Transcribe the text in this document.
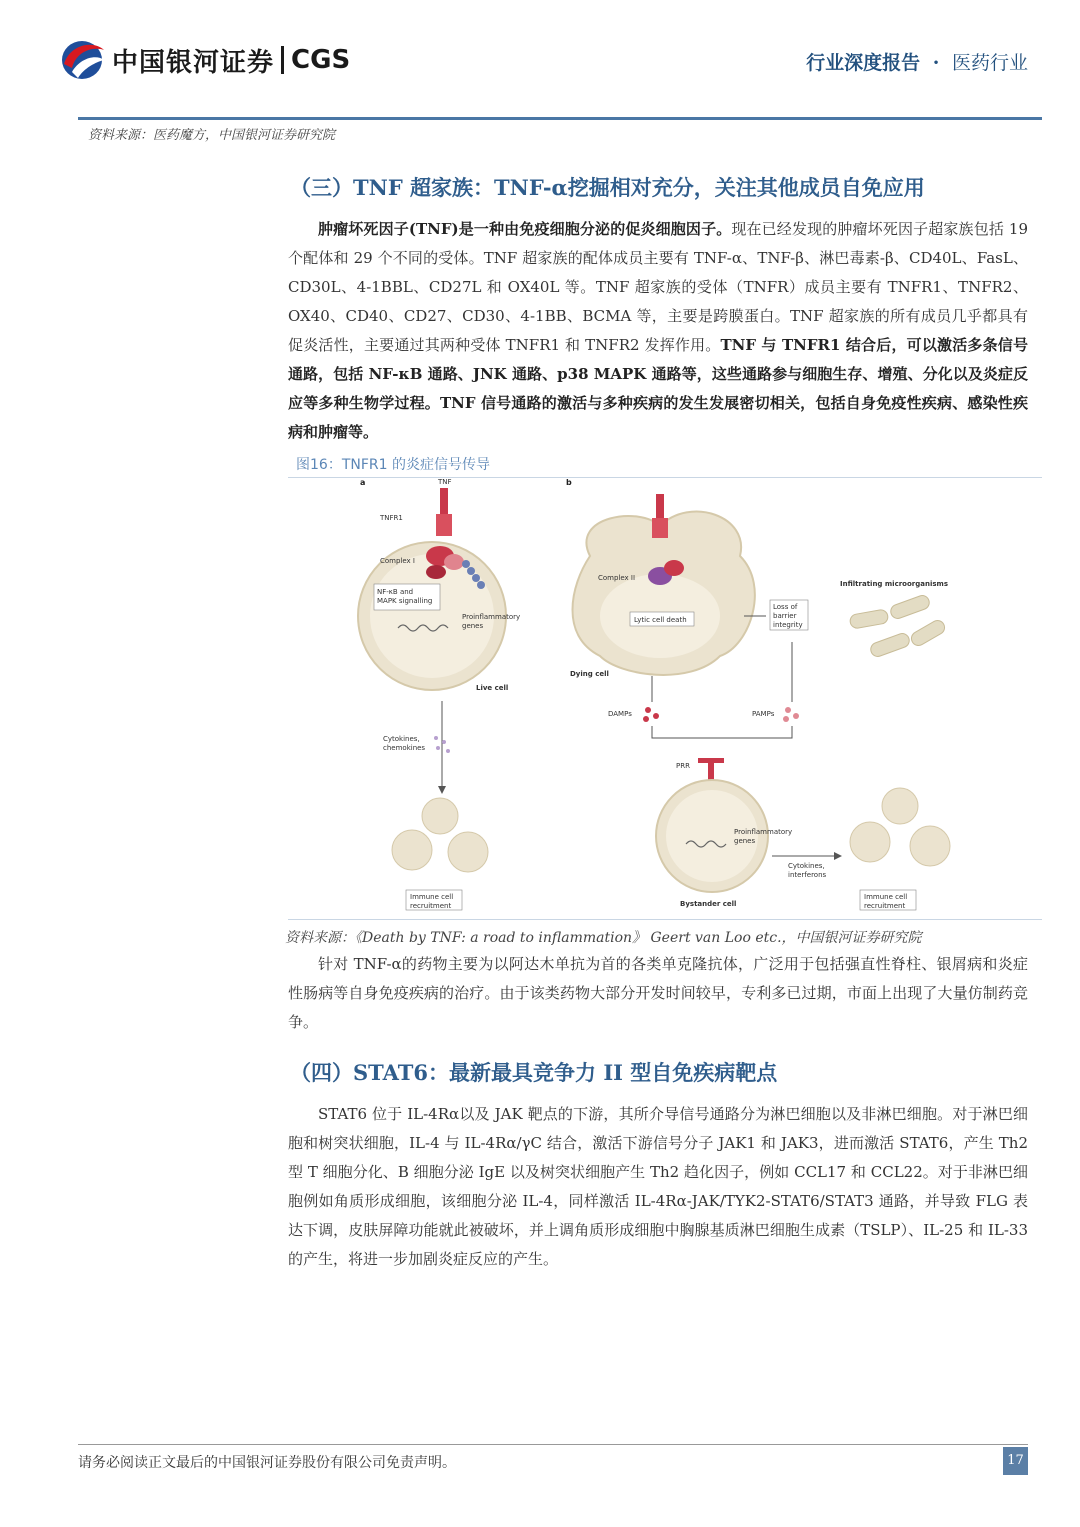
中国银河证券 CGS	行业深度报告 · 医药行业
资料来源：医药魔方，中国银河证券研究院
（三）TNF 超家族：TNF-α挖掘相对充分，关注其他成员自免应用

肿瘤坏死因子(TNF)是一种由免疫细胞分泌的促炎细胞因子。现在已经发现的肿瘤坏死因子超家族包括 19 个配体和 29 个不同的受体。TNF 超家族的配体成员主要有 TNF-α、TNF-β、淋巴毒素-β、CD40L、FasL、CD30L、4-1BBL、CD27L 和 OX40L 等。TNF 超家族的受体（TNFR）成员主要有 TNFR1、TNFR2、OX40、CD40、CD27、CD30、4-1BB、BCMA 等，主要是跨膜蛋白。TNF 超家族的所有成员几乎都具有促炎活性，主要通过其两种受体 TNFR1 和 TNFR2 发挥作用。TNF 与 TNFR1 结合后，可以激活多条信号通路，包括 NF-κB 通路、JNK 通路、p38 MAPK 通路等，这些通路参与细胞生存、增殖、分化以及炎症反应等多种生物学过程。TNF 信号通路的激活与多种疾病的发生发展密切相关，包括自身免疫性疾病、感染性疾病和肿瘤等。

图16：TNFR1 的炎症信号传导
a	TNF
TNFR1
Complex I
NF-κB and
MAPK signalling
Proinflammatory
genes
Live cell
Cytokines,
chemokines
Immune cell
recruitment
b
Complex II
Lytic cell death
Dying cell
Loss of
barrier
integrity
Infiltrating microorganisms
DAMPs	PAMPs
PRR
Proinflammatory
genes
Bystander cell
Cytokines,
interferons
Immune cell
recruitment
资料来源：《Death by TNF: a road to inflammation》 Geert van Loo etc.，中国银河证券研究院

针对 TNF-α的药物主要为以阿达木单抗为首的各类单克隆抗体，广泛用于包括强直性脊柱、银屑病和炎症性肠病等自身免疫疾病的治疗。由于该类药物大部分开发时间较早，专利多已过期，市面上出现了大量仿制药竞争。

（四）STAT6：最新最具竞争力 II 型自免疾病靶点

STAT6 位于 IL-4Rα以及 JAK 靶点的下游，其所介导信号通路分为淋巴细胞以及非淋巴细胞。对于淋巴细胞和树突状细胞，IL-4 与 IL-4Rα/γC 结合，激活下游信号分子 JAK1 和 JAK3，进而激活 STAT6，产生 Th2 型 T 细胞分化、B 细胞分泌 IgE 以及树突状细胞产生 Th2 趋化因子，例如 CCL17 和 CCL22。对于非淋巴细胞例如角质形成细胞，该细胞分泌 IL-4，同样激活 IL-4Rα-JAK/TYK2-STAT6/STAT3 通路，并导致 FLG 表达下调，皮肤屏障功能就此被破坏，并上调角质形成细胞中胸腺基质淋巴细胞生成素（TSLP）、IL-25 和 IL-33 的产生，将进一步加剧炎症反应的产生。

请务必阅读正文最后的中国银河证券股份有限公司免责声明。	17
